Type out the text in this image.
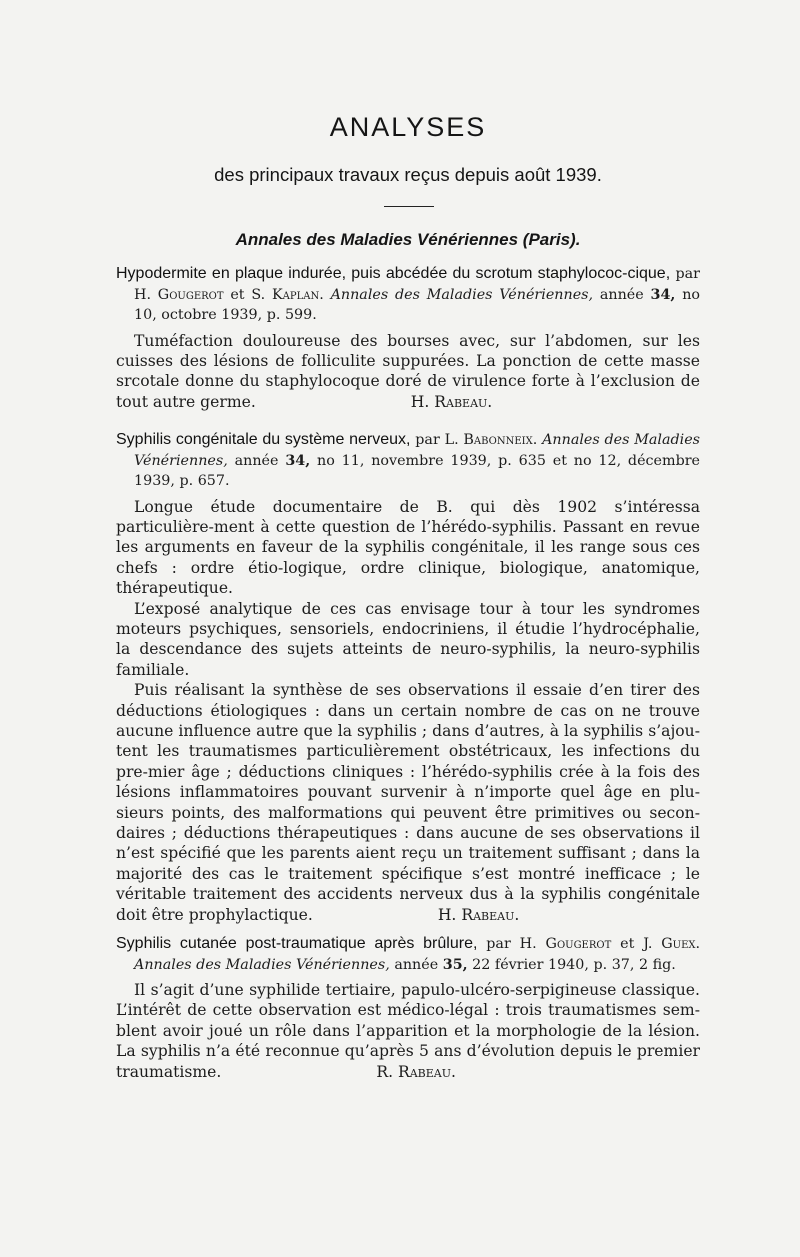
ANALYSES
des principaux travaux reçus depuis août 1939.
Annales des Maladies Vénériennes (Paris).
Hypodermite en plaque indurée, puis abcédée du scrotum staphylococ-cique, par H. Gougerot et S. Kaplan. Annales des Maladies Vénériennes, année 34, no 10, octobre 1939, p. 599.

Tuméfaction douloureuse des bourses avec, sur l’abdomen, sur les cuisses des lésions de folliculite suppurées. La ponction de cette masse srcotale donne du staphylocoque doré de virulence forte à l’exclusion de tout autre germe.	H. Rabeau.

Syphilis congénitale du système nerveux, par L. Babonneix. Annales des Maladies Vénériennes, année 34, no 11, novembre 1939, p. 635 et no 12, décembre 1939, p. 657.

Longue étude documentaire de B. qui dès 1902 s’intéressa particulière-ment à cette question de l’hérédo-syphilis. Passant en revue les arguments en faveur de la syphilis congénitale, il les range sous ces chefs : ordre étio-logique, ordre clinique, biologique, anatomique, thérapeutique.

L’exposé analytique de ces cas envisage tour à tour les syndromes moteurs psychiques, sensoriels, endocriniens, il étudie l’hydrocéphalie, la descendance des sujets atteints de neuro-syphilis, la neuro-syphilis familiale.

Puis réalisant la synthèse de ses observations il essaie d’en tirer des déductions étiologiques : dans un certain nombre de cas on ne trouve aucune influence autre que la syphilis ; dans d’autres, à la syphilis s’ajou-tent les traumatismes particulièrement obstétricaux, les infections du pre-mier âge ; déductions cliniques : l’hérédo-syphilis crée à la fois des lésions inflammatoires pouvant survenir à n’importe quel âge en plu-sieurs points, des malformations qui peuvent être primitives ou secon-daires ; déductions thérapeutiques : dans aucune de ses observations il n’est spécifié que les parents aient reçu un traitement suffisant ; dans la majorité des cas le traitement spécifique s’est montré inefficace ; le véritable traitement des accidents nerveux dus à la syphilis congénitale doit être prophylactique.	H. Rabeau.

Syphilis cutanée post-traumatique après brûlure, par H. Gougerot et J. Guex. Annales des Maladies Vénériennes, année 35, 22 février 1940, p. 37, 2 fig.

Il s’agit d’une syphilide tertiaire, papulo-ulcéro-serpigineuse classique. L’intérêt de cette observation est médico-légal : trois traumatismes sem-blent avoir joué un rôle dans l’apparition et la morphologie de la lésion. La syphilis n’a été reconnue qu’après 5 ans d’évolution depuis le premier traumatisme.	R. Rabeau.
